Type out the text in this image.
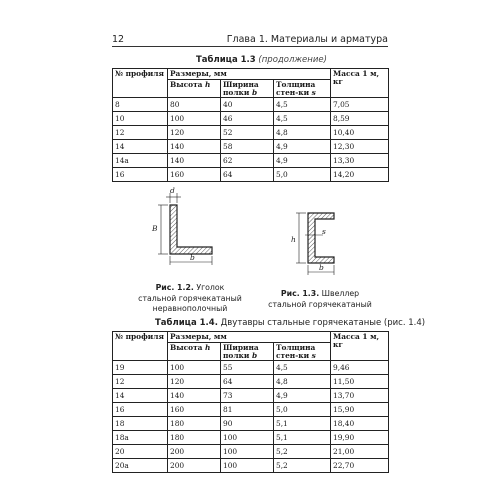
12	Глава 1. Материалы и арматура
Таблица 1.3 (продолжение)
№ профиля	Размеры, мм			Масса 1 м, кг
	Высота h	Ширина полки b	Толщина стен-ки s	
8	80	40	4,5	7,05
10	100	46	4,5	8,59
12	120	52	4,8	10,40
14	140	58	4,9	12,30
14а	140	62	4,9	13,30
16	160	64	5,0	14,20
d
B
b
Рис. 1.2. Уголок стальной горячекатаный неравнополочный
h
s
b
Рис. 1.3. Швеллер стальной горячекатаный
Таблица 1.4. Двутавры стальные горячекатаные (рис. 1.4)
№ профиля	Размеры, мм			Масса 1 м, кг
	Высота h	Ширина полки b	Толщина стен-ки s	
19	100	55	4,5	9,46
12	120	64	4,8	11,50
14	140	73	4,9	13,70
16	160	81	5,0	15,90
18	180	90	5,1	18,40
18а	180	100	5,1	19,90
20	200	100	5,2	21,00
20а	200	100	5,2	22,70
